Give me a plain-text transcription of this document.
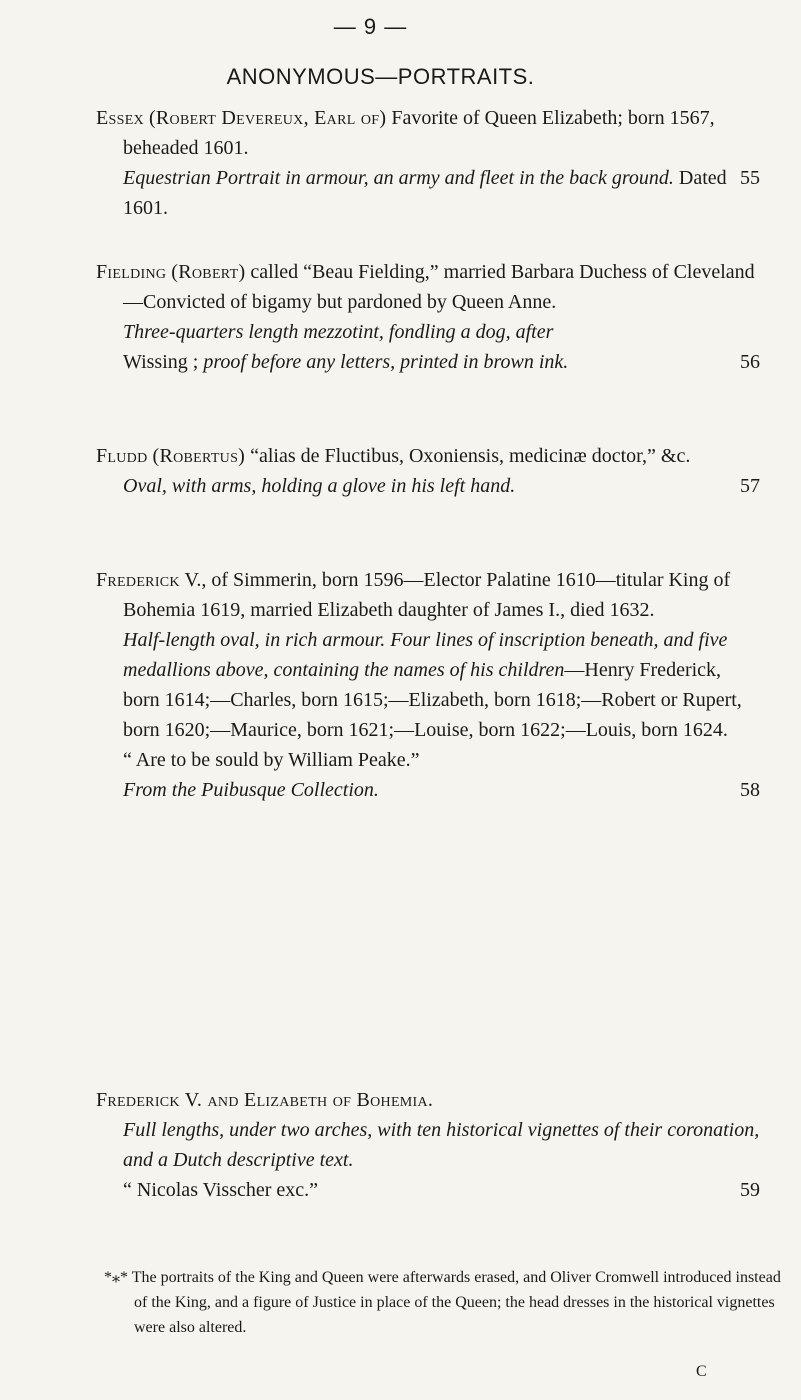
— 9 —
ANONYMOUS—PORTRAITS.

Essex (Robert Devereux, Earl of) Favorite of Queen Elizabeth; born 1567, beheaded 1601.

Equestrian Portrait in armour, an army and fleet in the back ground. Dated 1601.
55

Fielding (Robert) called “Beau Fielding,” married Barbara Duchess of Cleveland—Convicted of bigamy but pardoned by Queen Anne.

Three-quarters length mezzotint, fondling a dog, after

Wissing ; proof before any letters, printed in brown ink.	56

Fludd (Robertus) “alias de Fluctibus, Oxoniensis, medicinæ doctor,” &c.

Oval, with arms, holding a glove in his left hand.	57

Frederick V., of Simmerin, born 1596—Elector Palatine 1610—titular King of Bohemia 1619, married Elizabeth daughter of James I., died 1632.

Half-length oval, in rich armour. Four lines of inscription beneath, and five medallions above, containing the names of his children—Henry Frederick, born 1614;—Charles, born 1615;—Elizabeth, born 1618;—Robert or Rupert, born 1620;—Maurice, born 1621;—Louise, born 1622;—Louis, born 1624.

“ Are to be sould by William Peake.”

From the Puibusque Collection.	58

Frederick V. and Elizabeth of Bohemia.

Full lengths, under two arches, with ten historical vignettes of their coronation, and a Dutch descriptive text.

“ Nicolas Visscher exc.”	59

*⁎* The portraits of the King and Queen were afterwards erased, and Oliver Cromwell introduced instead of the King, and a figure of Justice in place of the Queen; the head dresses in the historical vignettes were also altered.
C
